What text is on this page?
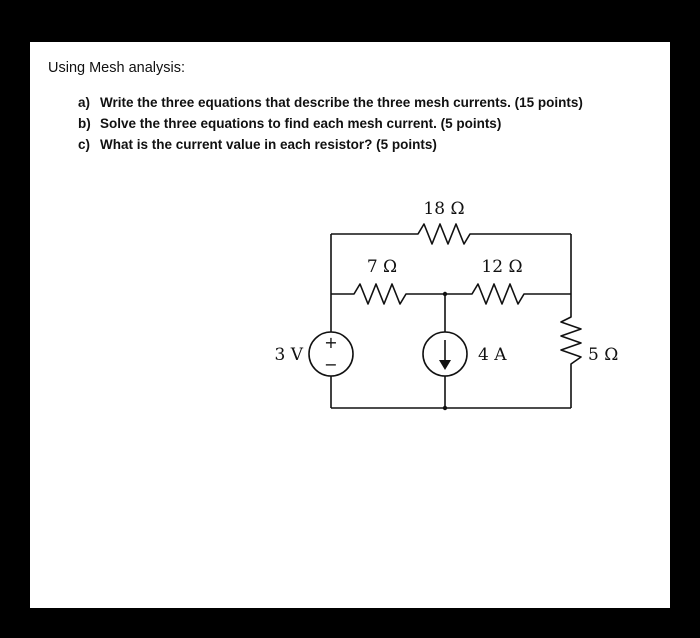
Using Mesh analysis:
a) Write the three equations that describe the three mesh currents. (15 points)
b) Solve the three equations to find each mesh current. (5 points)
c) What is the current value in each resistor? (5 points)
18 Ω
7 Ω	12 Ω
3 V
+
−	4 A	5 Ω
